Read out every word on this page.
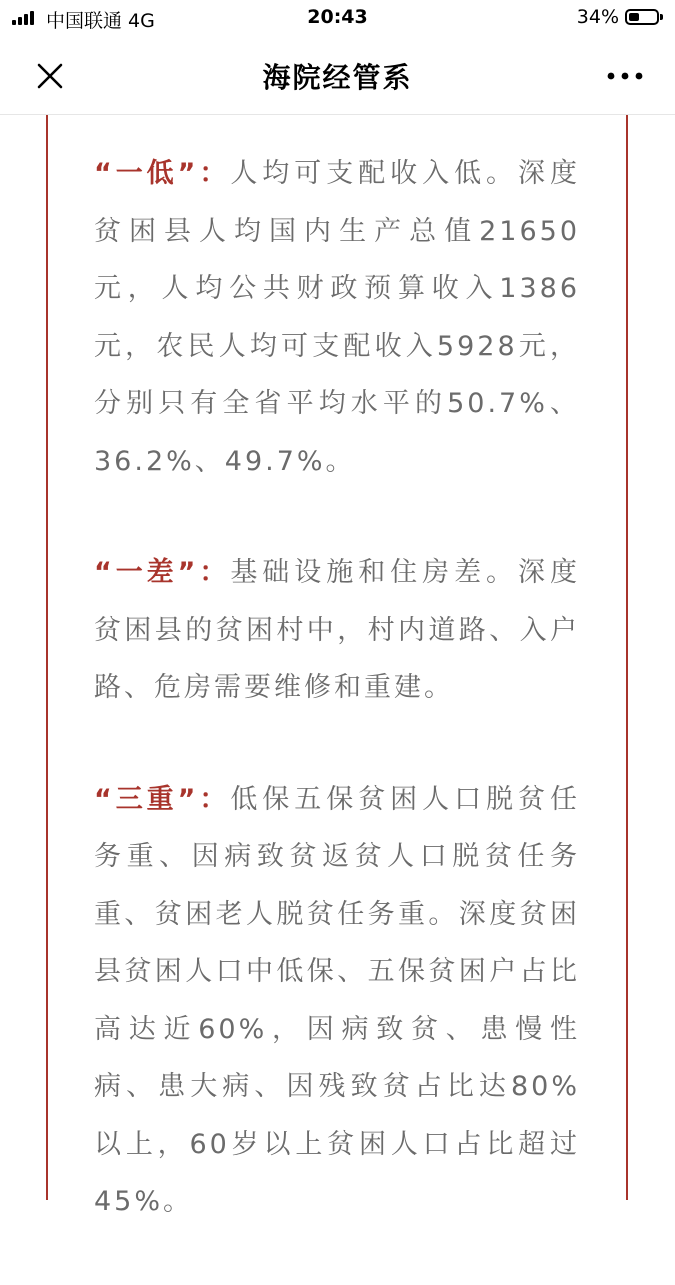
中国联通 4G	20:43	34%
海院经管系

“一低”：人均可支配收入低。深度贫困县人均国内生产总值21650元，人均公共财政预算收入1386元，农民人均可支配收入5928元，分别只有全省平均水平的50.7%、36.2%、49.7%。

“一差”：基础设施和住房差。深度贫困县的贫困村中，村内道路、入户路、危房需要维修和重建。

“三重”：低保五保贫困人口脱贫任务重、因病致贫返贫人口脱贫任务重、贫困老人脱贫任务重。深度贫困县贫困人口中低保、五保贫困户占比高达近60%，因病致贫、患慢性病、患大病、因残致贫占比达80%以上，60岁以上贫困人口占比超过45%。
